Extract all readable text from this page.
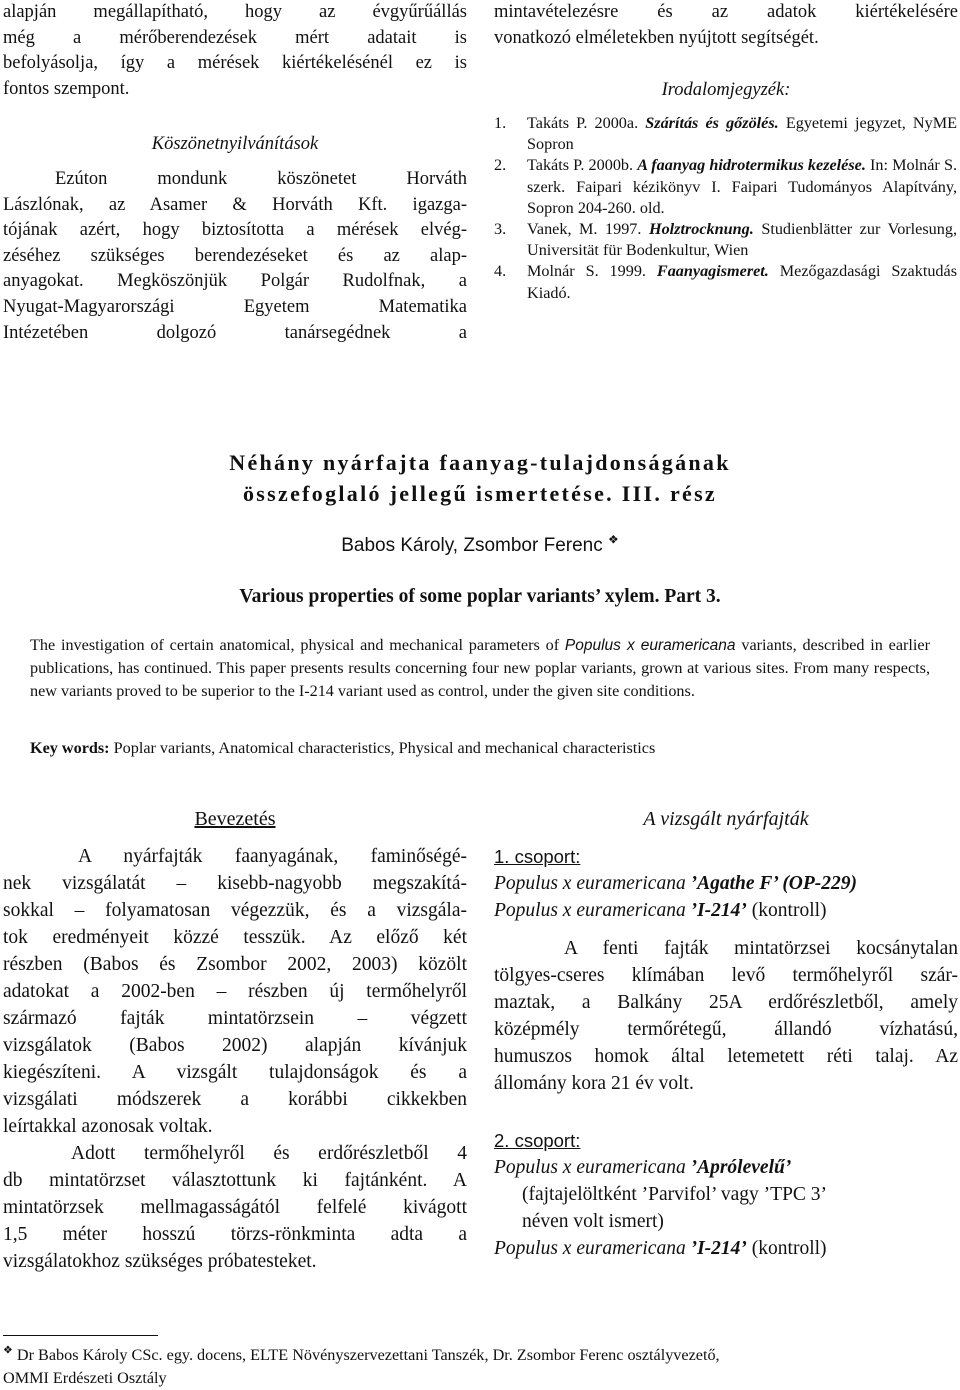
alapján megállapítható, hogy az évgyűrűállás
még a mérőberendezések mért adatait is
befolyásolja, így a mérések kiértékelésénél ez is
fontos szempont.
Köszönetnyilvánítások
Ezúton mondunk köszönetet Horváth
Lászlónak, az Asamer & Horváth Kft. igazga-
tójának azért, hogy biztosította a mérések elvég-
zéséhez szükséges berendezéseket és az alap-
anyagokat. Megköszönjük Polgár Rudolfnak, a
Nyugat-Magyarországi Egyetem Matematika
Intézetében dolgozó tanársegédnek a
mintavételezésre és az adatok kiértékelésére
vonatkozó elméletekben nyújtott segítségét.
Irodalomjegyzék:
1.	Takáts P. 2000a. Szárítás és gőzölés. Egyetemi jegyzet, NyME Sopron
2.	Takáts P. 2000b. A faanyag hidrotermikus kezelése. In: Molnár S. szerk. Faipari kézikönyv I. Faipari Tudományos Alapítvány, Sopron 204-260. old.
3.	Vanek, M. 1997. Holztrocknung. Studienblätter zur Vorlesung, Universität für Bodenkultur, Wien
4.	Molnár S. 1999. Faanyagismeret. Mezőgazdasági Szaktudás Kiadó.
Néhány nyárfajta faanyag-tulajdonságának
összefoglaló jellegű ismertetése. III. rész
Babos Károly, Zsombor Ferenc ❖
Various properties of some poplar variants’ xylem. Part 3.
The investigation of certain anatomical, physical and mechanical parameters of Populus x euramericana variants, described in earlier publications, has continued. This paper presents results concerning four new poplar variants, grown at various sites. From many respects, new variants proved to be superior to the I-214 variant used as control, under the given site conditions.
Key words: Poplar variants, Anatomical characteristics, Physical and mechanical characteristics
Bevezetés
A nyárfajták faanyagának, faminőségé-
nek vizsgálatát – kisebb-nagyobb megszakítá-
sokkal – folyamatosan végezzük, és a vizsgála-
tok eredményeit közzé tesszük. Az előző két
részben (Babos és Zsombor 2002, 2003) közölt
adatokat a 2002-ben – részben új termőhelyről
származó fajták mintatörzsein – végzett
vizsgálatok (Babos 2002) alapján kívánjuk
kiegészíteni. A vizsgált tulajdonságok és a
vizsgálati módszerek a korábbi cikkekben
leírtakkal azonosak voltak.
Adott termőhelyről és erdőrészletből 4
db mintatörzset választottunk ki fajtánként. A
mintatörzsek mellmagasságától felfelé kivágott
1,5 méter hosszú törzs-rönkminta adta a
vizsgálatokhoz szükséges próbatesteket.
A vizsgált nyárfajták
1. csoport:
Populus x euramericana ’Agathe F’ (OP-229)
Populus x euramericana ’I-214’ (kontroll)
A fenti fajták mintatörzsei kocsánytalan
tölgyes-cseres klímában levő termőhelyről szár-
maztak, a Balkány 25A erdőrészletből, amely
középmély termőrétegű, állandó vízhatású,
humuszos homok által letemetett réti talaj. Az
állomány kora 21 év volt.
2. csoport:
Populus x euramericana ’Aprólevelű’
(fajtajelöltként ’Parvifol’ vagy ’TPC 3’
néven volt ismert)
Populus x euramericana ’I-214’ (kontroll)
❖ Dr Babos Károly CSc. egy. docens, ELTE Növényszervezettani Tanszék, Dr. Zsombor Ferenc osztályvezető,
OMMI Erdészeti Osztály
